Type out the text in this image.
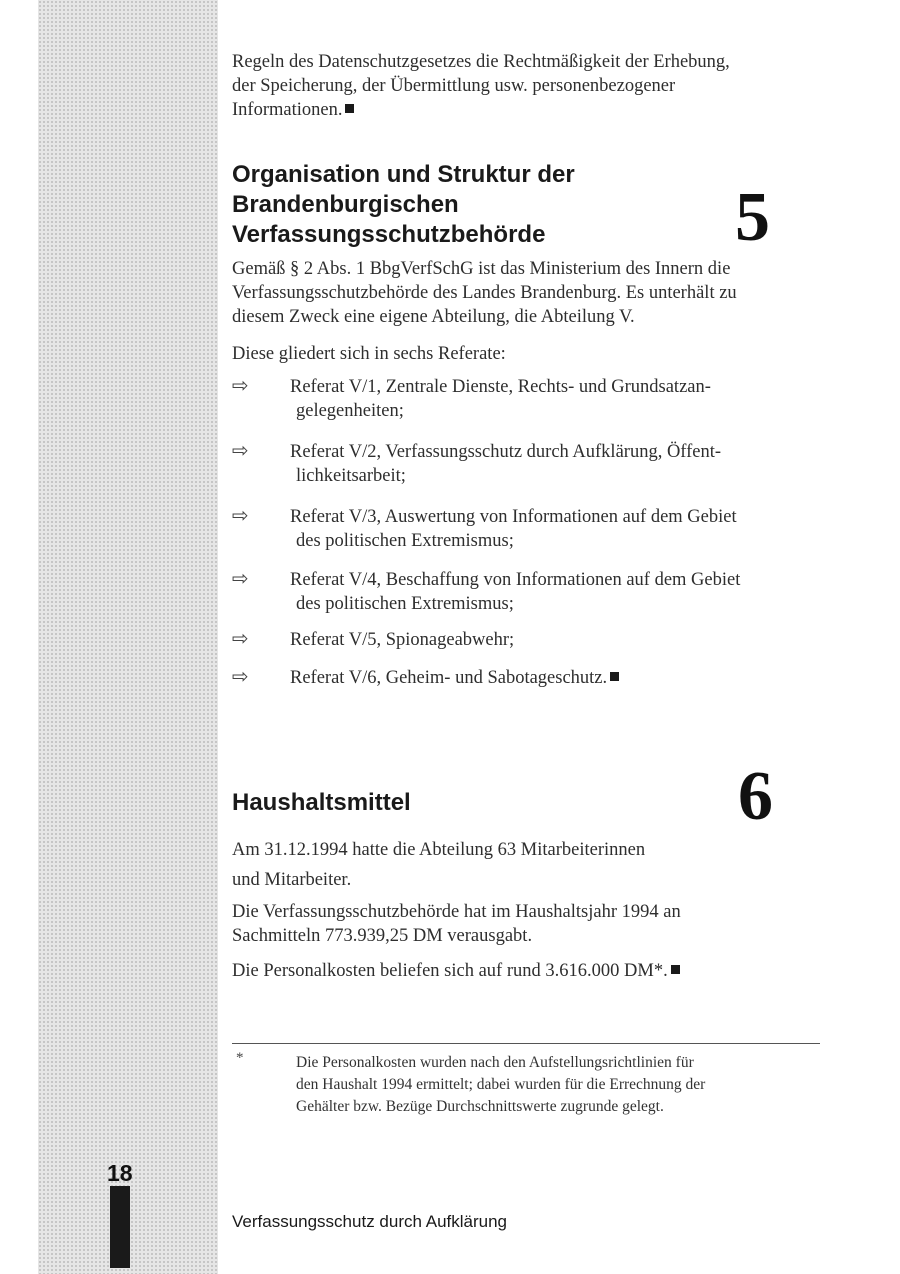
Regeln des Datenschutzgesetzes die Rechtmäßigkeit der Erhebung,
der Speicherung, der Übermittlung usw. personenbezogener
Informationen.
Organisation und Struktur der
Brandenburgischen
Verfassungsschutzbehörde	5
Gemäß § 2 Abs. 1 BbgVerfSchG ist das Ministerium des Innern die
Verfassungsschutzbehörde des Landes Brandenburg. Es unterhält zu
diesem Zweck eine eigene Abteilung, die Abteilung V.
Diese gliedert sich in sechs Referate:
⇨ Referat V/1, Zentrale Dienste, Rechts- und Grundsatzan-
gelegenheiten;
⇨ Referat V/2, Verfassungsschutz durch Aufklärung, Öffent-
lichkeitsarbeit;
⇨ Referat V/3, Auswertung von Informationen auf dem Gebiet
des politischen Extremismus;
⇨ Referat V/4, Beschaffung von Informationen auf dem Gebiet
des politischen Extremismus;
⇨ Referat V/5, Spionageabwehr;
⇨ Referat V/6, Geheim- und Sabotageschutz.
Haushaltsmittel	6
Am 31.12.1994 hatte die Abteilung 63 Mitarbeiterinnen
und Mitarbeiter.
Die Verfassungsschutzbehörde hat im Haushaltsjahr 1994 an
Sachmitteln 773.939,25 DM verausgabt.
Die Personalkosten beliefen sich auf rund 3.616.000 DM*.
*	Die Personalkosten wurden nach den Aufstellungsrichtlinien für
den Haushalt 1994 ermittelt; dabei wurden für die Errechnung der
Gehälter bzw. Bezüge Durchschnittswerte zugrunde gelegt.
18
Verfassungsschutz durch Aufklärung
